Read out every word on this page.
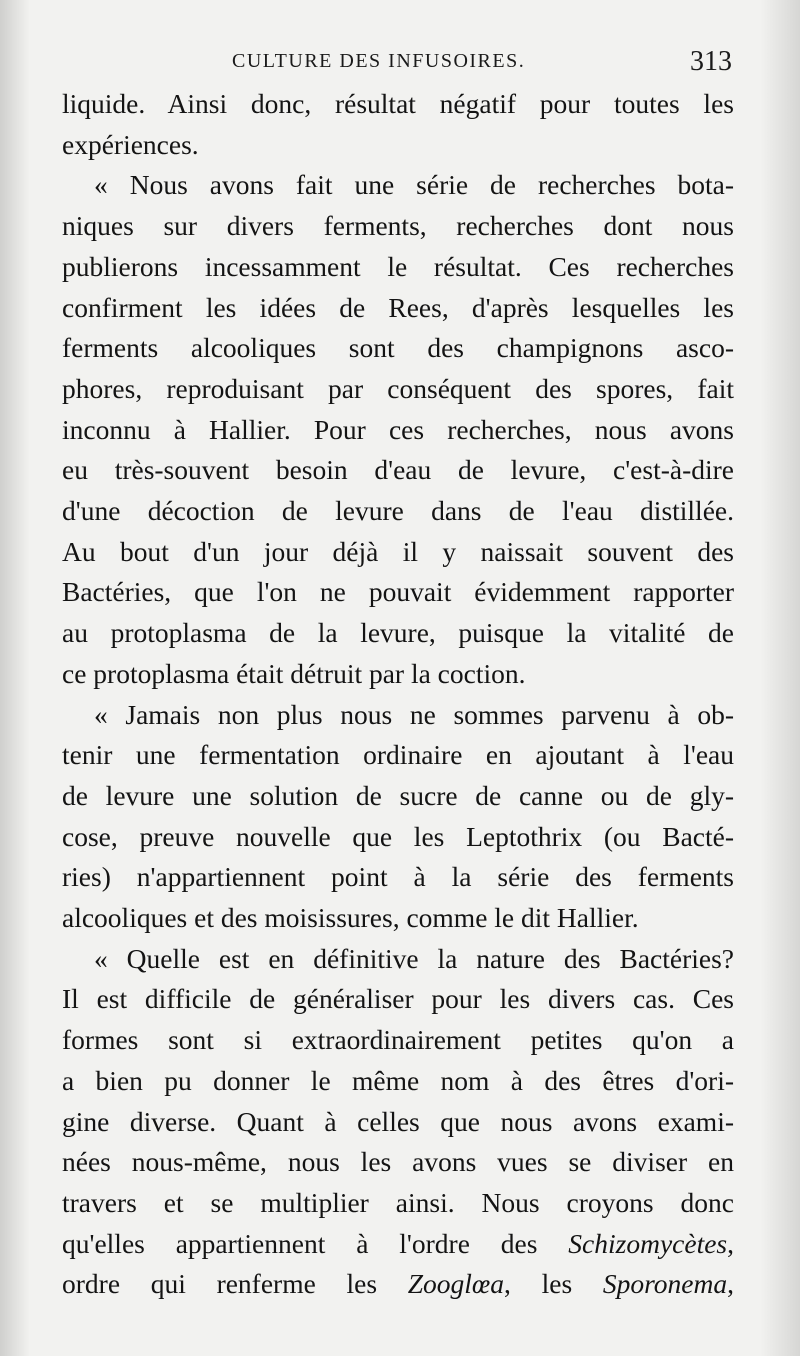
CULTURE DES INFUSOIRES.	313

liquide. Ainsi donc, résultat négatif pour toutes les
expériences.

« Nous avons fait une série de recherches bota-
niques sur divers ferments, recherches dont nous
publierons incessamment le résultat. Ces recherches
confirment les idées de Rees, d'après lesquelles les
ferments alcooliques sont des champignons asco-
phores, reproduisant par conséquent des spores, fait
inconnu à Hallier. Pour ces recherches, nous avons
eu très-souvent besoin d'eau de levure, c'est-à-dire
d'une décoction de levure dans de l'eau distillée.
Au bout d'un jour déjà il y naissait souvent des
Bactéries, que l'on ne pouvait évidemment rapporter
au protoplasma de la levure, puisque la vitalité de
ce protoplasma était détruit par la coction.

« Jamais non plus nous ne sommes parvenu à ob-
tenir une fermentation ordinaire en ajoutant à l'eau
de levure une solution de sucre de canne ou de gly-
cose, preuve nouvelle que les Leptothrix (ou Bacté-
ries) n'appartiennent point à la série des ferments
alcooliques et des moisissures, comme le dit Hallier.

« Quelle est en définitive la nature des Bactéries?
Il est difficile de généraliser pour les divers cas. Ces
formes sont si extraordinairement petites qu'on a
a bien pu donner le même nom à des êtres d'ori-
gine diverse. Quant à celles que nous avons exami-
nées nous-même, nous les avons vues se diviser en
travers et se multiplier ainsi. Nous croyons donc
qu'elles appartiennent à l'ordre des Schizomycètes,
ordre qui renferme les Zooglœa, les Sporonema,
